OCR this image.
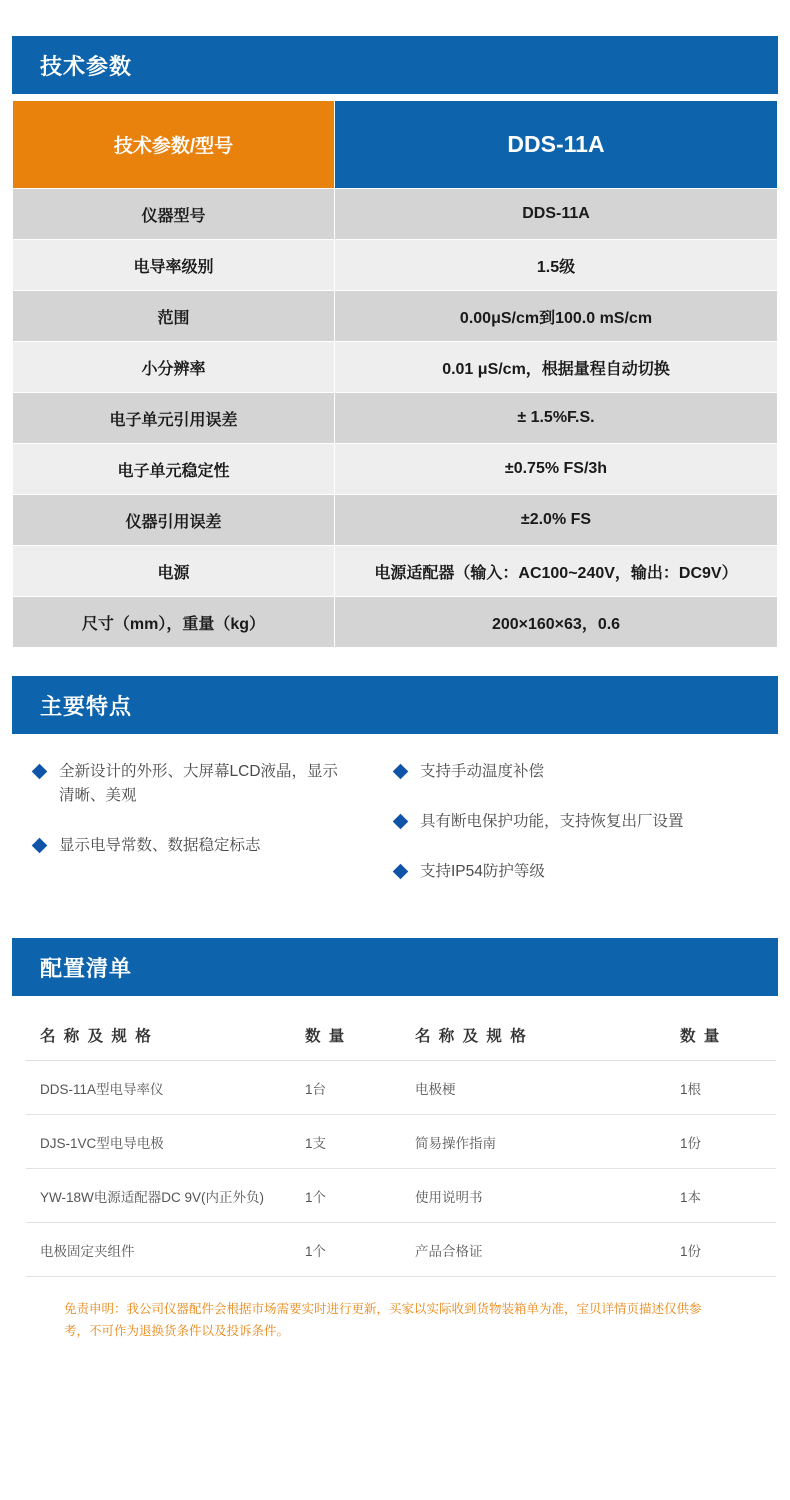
技术参数
技术参数/型号	DDS-11A
仪器型号	DDS-11A
电导率级别	1.5级
范围	0.00μS/cm到100.0 mS/cm
小分辨率	0.01 μS/cm，根据量程自动切换
电子单元引用误差	± 1.5%F.S.
电子单元稳定性	±0.75% FS/3h
仪器引用误差	±2.0% FS
电源	电源适配器（输入：AC100~240V，输出：DC9V）
尺寸（mm），重量（kg）	200×160×63，0.6
主要特点
全新设计的外形、大屏幕LCD液晶，显示清晰、美观
显示电导常数、数据稳定标志
支持手动温度补偿
具有断电保护功能，支持恢复出厂设置
支持IP54防护等级
配置清单
名 称 及 规 格	数 量	名 称 及 规 格	数 量
DDS-11A型电导率仪	1台	电极梗	1根
DJS-1VC型电导电极	1支	简易操作指南	1份
YW-18W电源适配器DC 9V(内正外负)	1个	使用说明书	1本
电极固定夹组件	1个	产品合格证	1份
免责申明：我公司仪器配件会根据市场需要实时进行更新，买家以实际收到货物装箱单为准，宝贝详情页描述仅供参考，不可作为退换货条件以及投诉条件。
